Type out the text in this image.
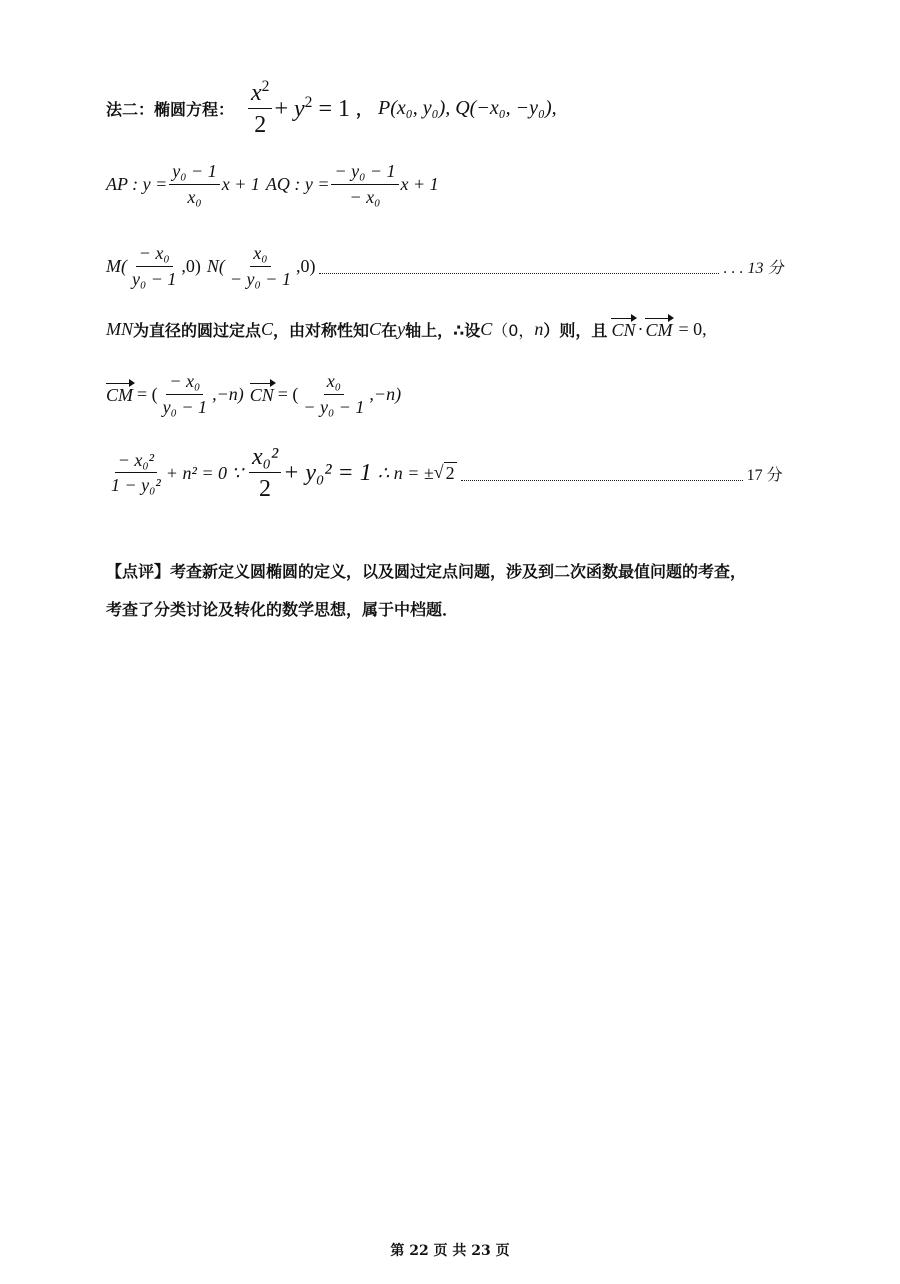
法二：椭圆方程： $\frac{x^2}{2} + y^2 = 1$ ， P(x₀, y₀), Q(−x₀, −y₀),
AP : $y = \frac{\text{y₀ − 1}}{\text{x₀}}$ x + 1 AQ : $y = \frac{\text{− y₀ − 1}}{\text{− x₀}}$ x + 1
$M( \frac{\text{− x₀}}{\text{y₀ − 1}} ,0)$ $N( \frac{\text{x₀}}{\text{− y₀ − 1}} ,0)$	. . . 13 分
MN 为直径的圆过定点 C ，由对称性知 C 在 y 轴上，∴设 C （0， n ）则，且 CN · CM = 0,
CM = ( $\frac{\text{− x₀}}{\text{y₀ − 1}} ,-n$) CN = ( $\frac{\text{x₀}}{\text{− y₀ − 1}} ,-n$)
$\frac{\text{− x₀²}}{\text{1 − y₀²}} + n^2 = 0$ ∵ $\frac{\text{x₀²}}{2} + y_0^2 = 1$ ∴ n = ± √ 2	17 分
【点评】考查新定义圆椭圆的定义，以及圆过定点问题，涉及到二次函数最值问题的考查，
考查了分类讨论及转化的数学思想，属于中档题．
第 22 页 共 23 页
